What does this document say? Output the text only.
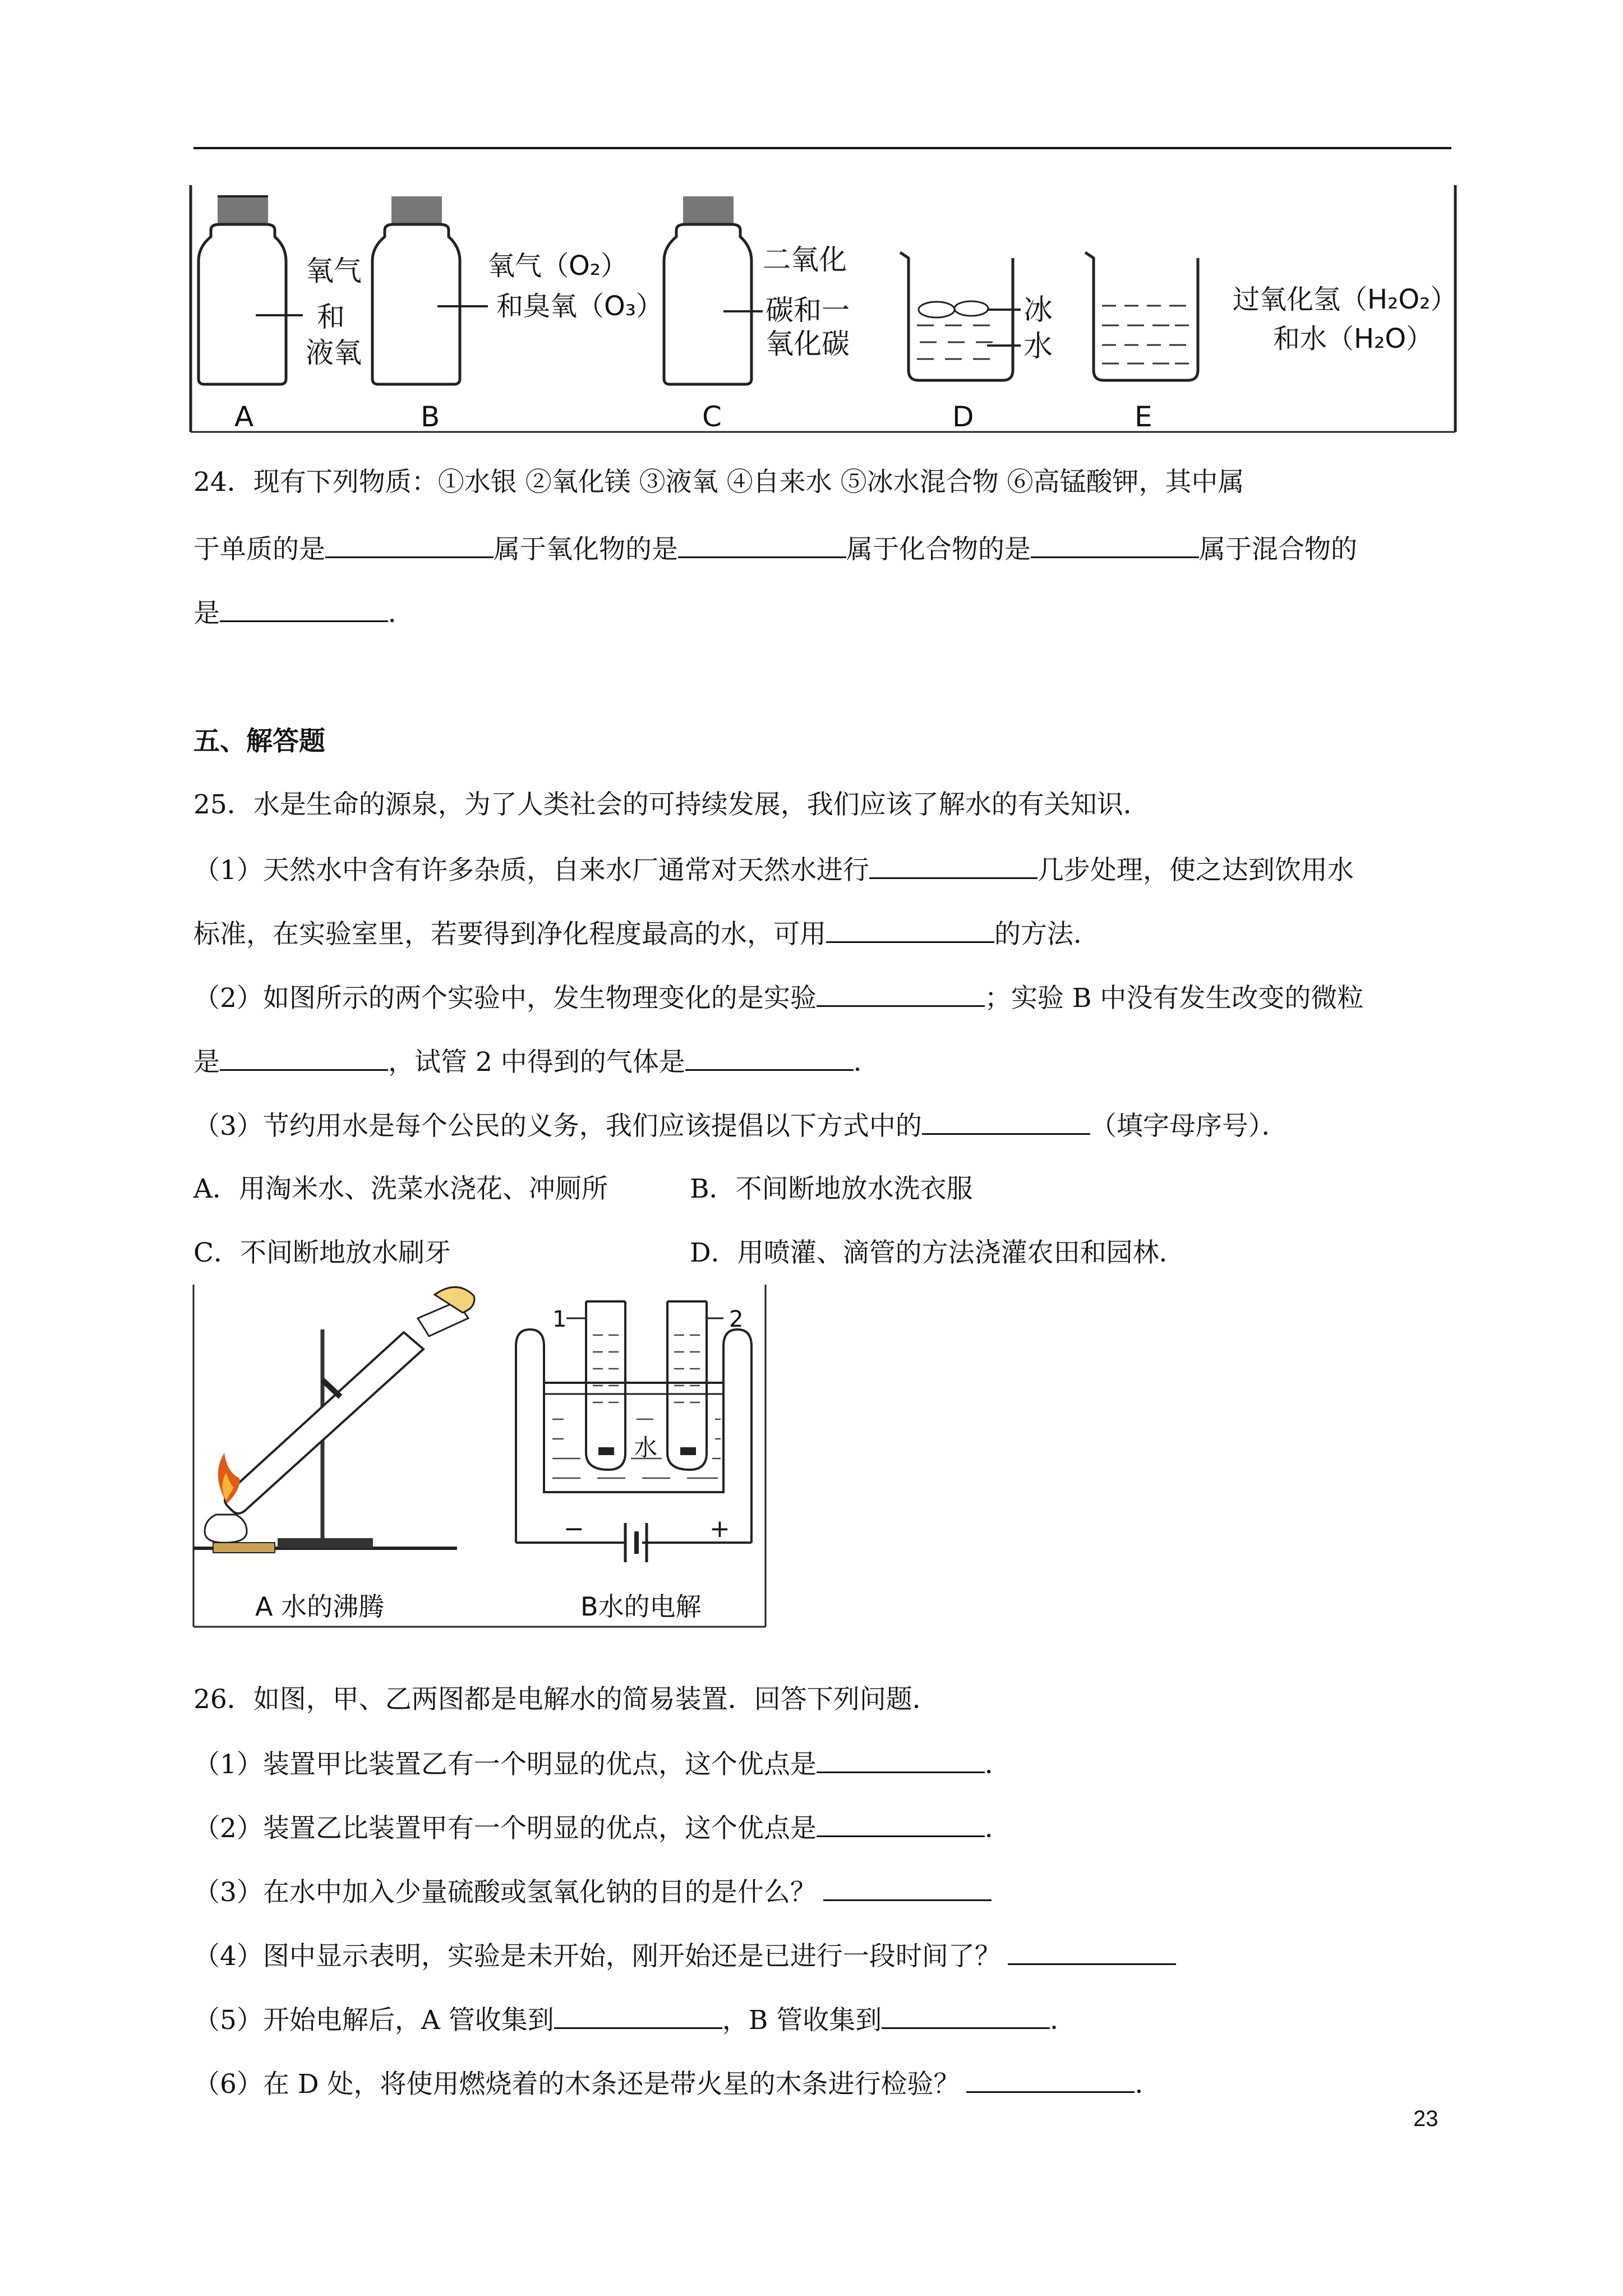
氧气
和
液氧
氧气（O₂）
和臭氧（O₃）
二氧化
碳和一
氧化碳
冰
水
过氧化氢（H₂O₂）
和水（H₂O）
A	B	C	D	E
24．现有下列物质：①水银 ②氧化镁 ③液氧 ④自来水 ⑤冰水混合物 ⑥高锰酸钾，其中属
于单质的是	属于氧化物的是	属于化合物的是	属于混合物的
是	．
五、解答题
25．水是生命的源泉，为了人类社会的可持续发展，我们应该了解水的有关知识．
（1）天然水中含有许多杂质，自来水厂通常对天然水进行	几步处理，使之达到饮用水
标准，在实验室里，若要得到净化程度最高的水，可用	的方法．
（2）如图所示的两个实验中，发生物理变化的是实验	；实验 B 中没有发生改变的微粒
是	，试管 2 中得到的气体是	．
（3）节约用水是每个公民的义务，我们应该提倡以下方式中的	（填字母序号）．
A．用淘米水、洗菜水浇花、冲厕所	B．不间断地放水洗衣服
C．不间断地放水刷牙	D．用喷灌、滴管的方法浇灌农田和园林．
A 水的沸腾
1	2
水
−	+
B水的电解
26．如图，甲、乙两图都是电解水的简易装置．回答下列问题．
（1）装置甲比装置乙有一个明显的优点，这个优点是	．
（2）装置乙比装置甲有一个明显的优点，这个优点是	．
（3）在水中加入少量硫酸或氢氧化钠的目的是什么？
（4）图中显示表明，实验是未开始，刚开始还是已进行一段时间了？
（5）开始电解后，A 管收集到	，B 管收集到	．
（6）在 D 处，将使用燃烧着的木条还是带火星的木条进行检验？	．
23
